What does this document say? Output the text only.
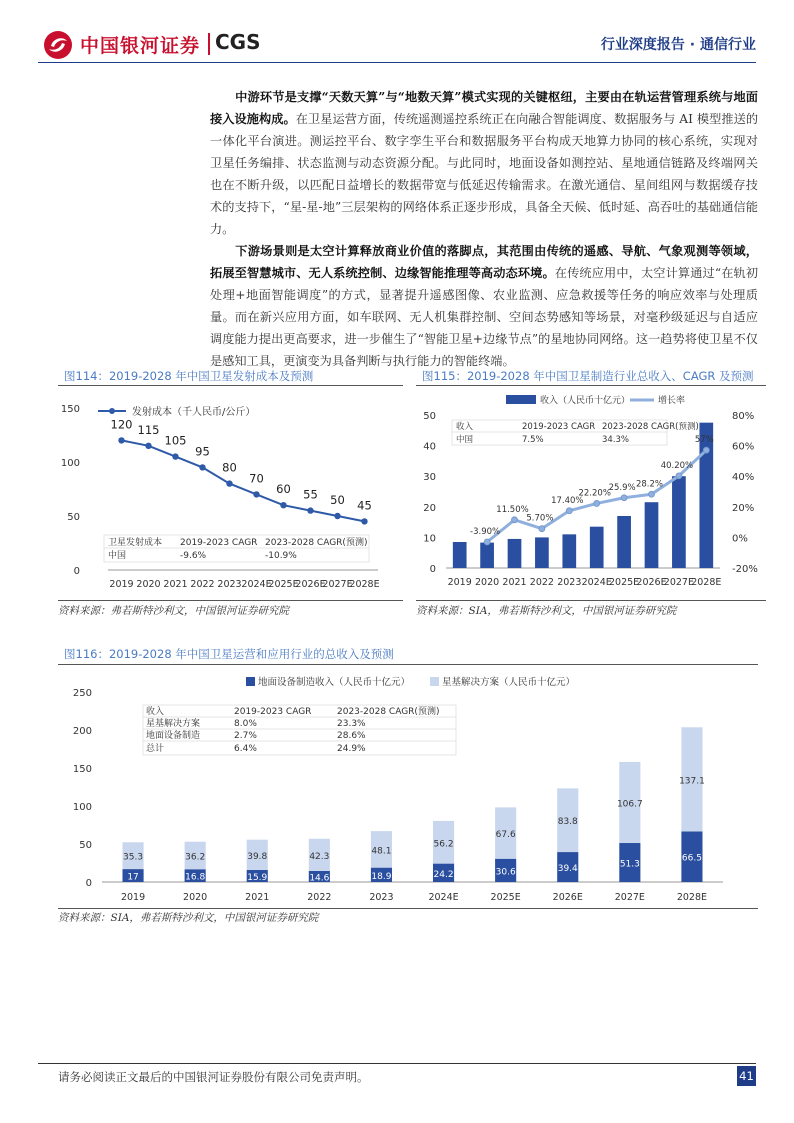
中国银河证券 CGS	行业深度报告 · 通信行业
中游环节是支撑“天数天算”与“地数天算”模式实现的关键枢纽，主要由在轨运营管理系统与地面接入设施构成。在卫星运营方面，传统遥测遥控系统正在向融合智能调度、数据服务与 AI 模型推送的一体化平台演进。测运控平台、数字孪生平台和数据服务平台构成天地算力协同的核心系统，实现对卫星任务编排、状态监测与动态资源分配。与此同时，地面设备如测控站、星地通信链路及终端网关也在不断升级，以匹配日益增长的数据带宽与低延迟传输需求。在激光通信、星间组网与数据缓存技术的支持下，“星-星-地”三层架构的网络体系正逐步形成，具备全天候、低时延、高吞吐的基础通信能力。
下游场景则是太空计算释放商业价值的落脚点，其范围由传统的遥感、导航、气象观测等领域，拓展至智慧城市、无人系统控制、边缘智能推理等高动态环境。在传统应用中，太空计算通过“在轨初处理+地面智能调度”的方式，显著提升遥感图像、农业监测、应急救援等任务的响应效率与处理质量。而在新兴应用方面，如车联网、无人机集群控制、空间态势感知等场景，对毫秒级延迟与自适应调度能力提出更高要求，进一步催生了“智能卫星+边缘节点”的星地协同网络。这一趋势将使卫星不仅是感知工具，更演变为具备判断与执行能力的智能终端。
图114：2019-2028 年中国卫星发射成本及预测
发射成本（千人民币/公斤）
0
50
100
150
2019 2020 2021 2022 2023 2024E
2025E
2026E
2027E
2028E
120 115
105
95
80
70
60 55 50 45
卫星发射成本 2019-2023 CAGR 2023-2028 CAGR(预测)
中国	-9.6%	-10.9%
资料来源：弗若斯特沙利文，中国银河证券研究院
图115：2019-2028 年中国卫星制造行业总收入、CAGR 及预测
收入（人民币十亿元）	增长率
0
10
20
30
40
50
-20%
0%
20%
40%
60%
80%
2019 2020 2021 2022 2023 2024E
2025E
2026E
2027E
2028E
-3.90%
11.50%
5.70%
17.40%
22.20%
25.9% 28.2%
40.20%
57%
收入	2019-2023 CAGR 2023-2028 CAGR(预测)
中国	7.5%	34.3%
资料来源：SIA，弗若斯特沙利文，中国银河证券研究院
图116：2019-2028 年中国卫星运营和应用行业的总收入及预测
地面设备制造收入（人民币十亿元）	星基解决方案（人民币十亿元）
0
50
100
150
200
250
2019	2020	2021	2022	2023	2024E	2025E	2026E	2027E	2028E
17
35.3
16.8
36.2
15.9
39.8
14.6
42.3
18.9
48.1
24.2
56.2
30.6
67.6
39.4
83.8
51.3
106.7
66.5
137.1
收入	2019-2023 CAGR	2023-2028 CAGR(预测)
星基解决方案	8.0%	23.3%
地面设备制造	2.7%	28.6%
总计	6.4%	24.9%
资料来源：SIA，弗若斯特沙利文，中国银河证券研究院
请务必阅读正文最后的中国银河证券股份有限公司免责声明。	41
